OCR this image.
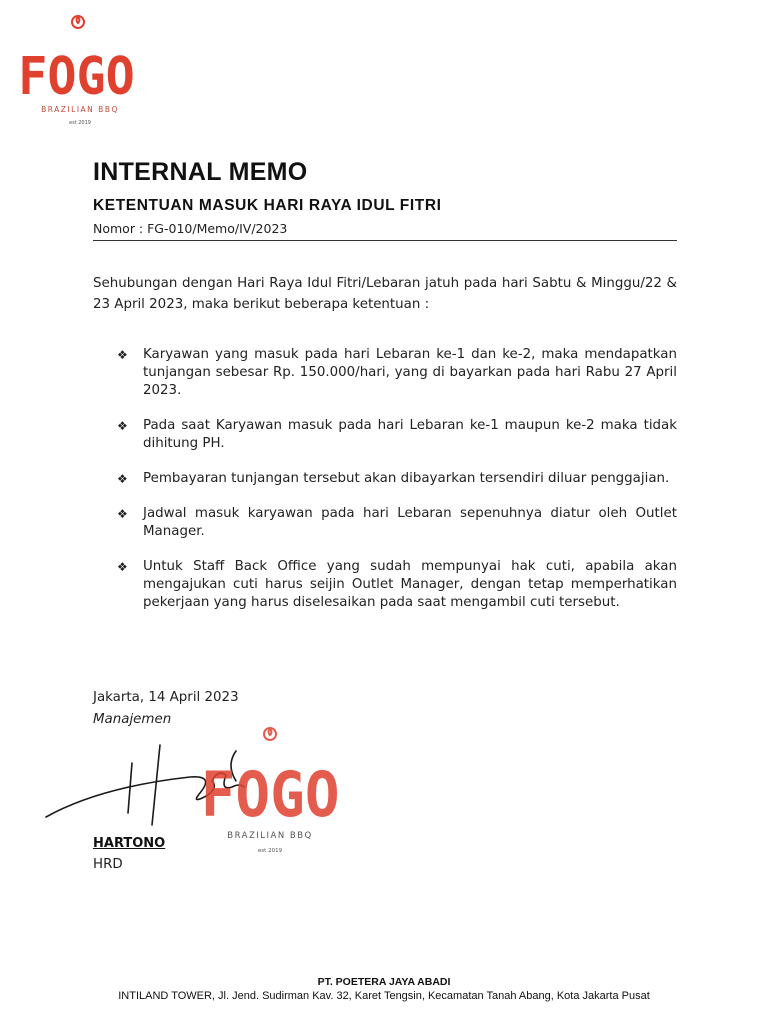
FOGO
BRAZILIAN BBQ
est 2019
INTERNAL MEMO
KETENTUAN MASUK HARI RAYA IDUL FITRI
Nomor : FG-010/Memo/IV/2023

Sehubungan dengan Hari Raya Idul Fitri/Lebaran jatuh pada hari Sabtu & Minggu/22 & 23 April 2023, maka berikut beberapa ketentuan :

❖ Karyawan yang masuk pada hari Lebaran ke-1 dan ke-2, maka mendapatkan tunjangan sebesar Rp. 150.000/hari, yang di bayarkan pada hari Rabu 27 April 2023.
❖ Pada saat Karyawan masuk pada hari Lebaran ke-1 maupun ke-2 maka tidak dihitung PH.
❖ Pembayaran tunjangan tersebut akan dibayarkan tersendiri diluar penggajian.
❖ Jadwal masuk karyawan pada hari Lebaran sepenuhnya diatur oleh Outlet Manager.
❖ Untuk Staff Back Office yang sudah mempunyai hak cuti, apabila akan mengajukan cuti harus seijin Outlet Manager, dengan tetap memperhatikan pekerjaan yang harus diselesaikan pada saat mengambil cuti tersebut.
Jakarta, 14 April 2023
Manajemen
FOGO
BRAZILIAN BBQ
est 2019
HARTONO
HRD
PT. POETERA JAYA ABADI
INTILAND TOWER, Jl. Jend. Sudirman Kav. 32, Karet Tengsin, Kecamatan Tanah Abang, Kota Jakarta Pusat
